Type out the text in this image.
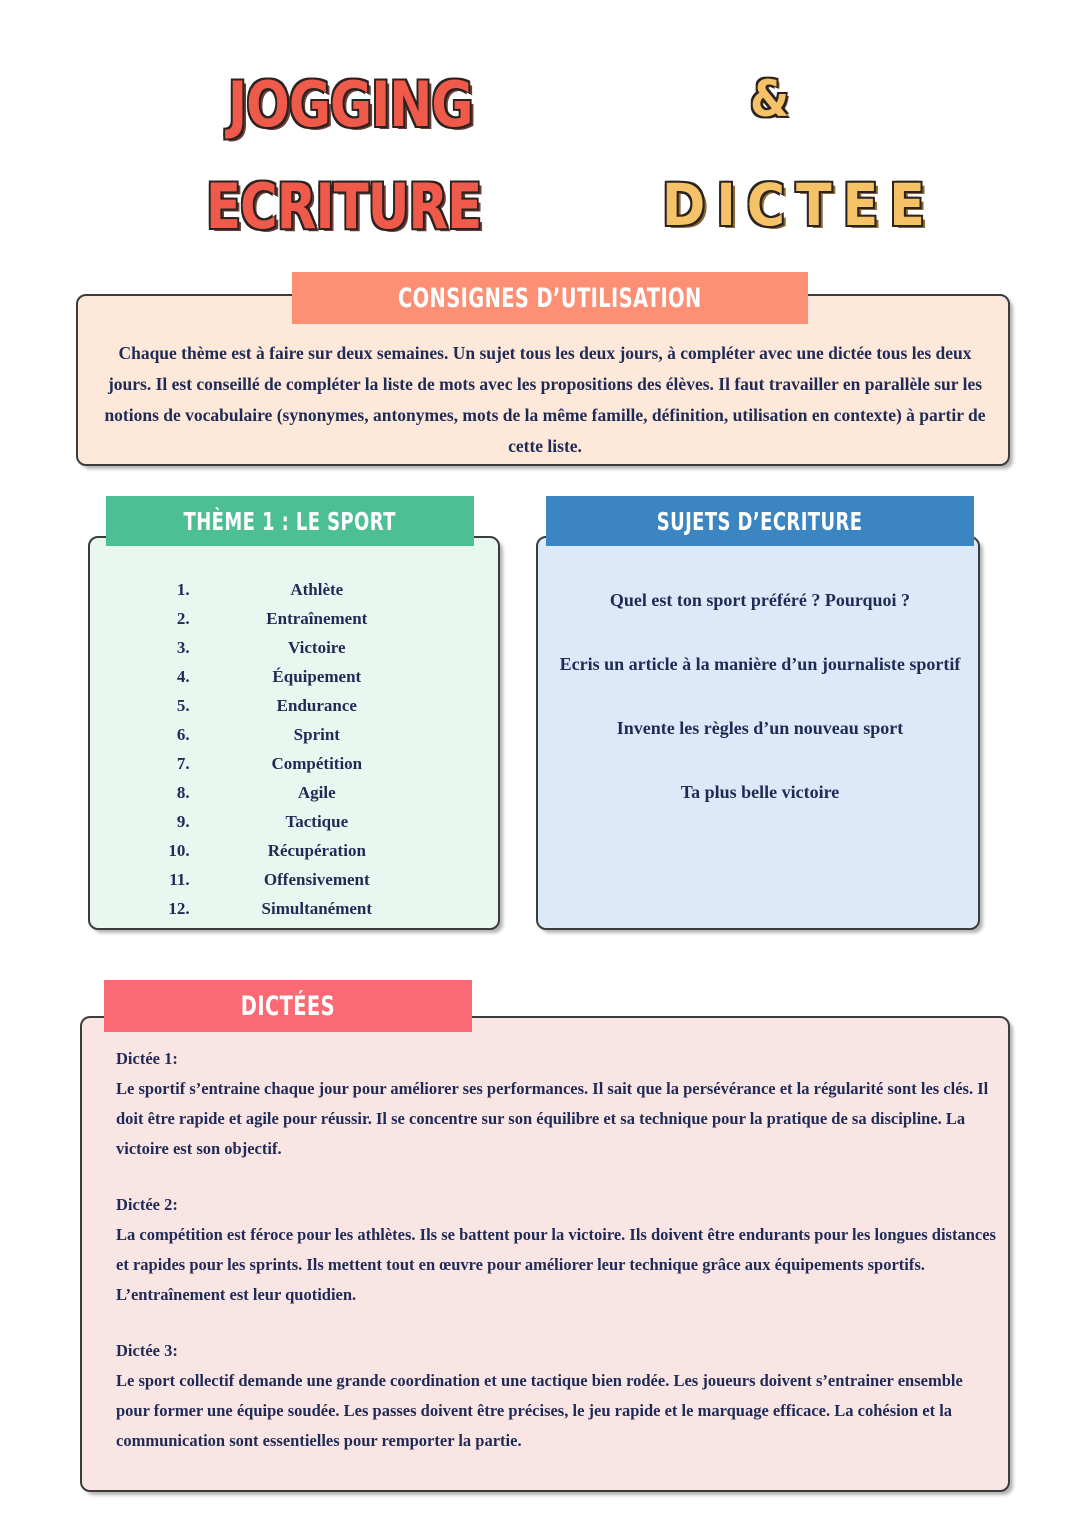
JOGGING	&
ECRITURE	DICTEE
Chaque thème est à faire sur deux semaines. Un sujet tous les deux jours, à compléter avec une dictée tous les deux jours. Il est conseillé de compléter la liste de mots avec les propositions des élèves. Il faut travailler en parallèle sur les notions de vocabulaire (synonymes, antonymes, mots de la même famille, définition, utilisation en contexte) à partir de cette liste.
CONSIGNES D’UTILISATION
1.	Athlète
2.	Entraînement
3.	Victoire
4.	Équipement
5.	Endurance
6.	Sprint
7.	Compétition
8.	Agile
9.	Tactique
10.	Récupération
11.	Offensivement
12.	Simultanément
THÈME 1 : LE SPORT
Quel est ton sport préféré ? Pourquoi ?
Ecris un article à la manière d’un journaliste sportif
Invente les règles d’un nouveau sport
Ta plus belle victoire
SUJETS D’ECRITURE
Dictée 1:
Le sportif s’entraine chaque jour pour améliorer ses performances. Il sait que la persévérance et la régularité sont les clés. Il doit être rapide et agile pour réussir. Il se concentre sur son équilibre et sa technique pour la pratique de sa discipline. La victoire est son objectif.
Dictée 2:
La compétition est féroce pour les athlètes. Ils se battent pour la victoire. Ils doivent être endurants pour les longues distances et rapides pour les sprints. Ils mettent tout en œuvre pour améliorer leur technique grâce aux équipements sportifs. L’entraînement est leur quotidien.
Dictée 3:
Le sport collectif demande une grande coordination et une tactique bien rodée. Les joueurs doivent s’entrainer ensemble pour former une équipe soudée. Les passes doivent être précises, le jeu rapide et le marquage efficace. La cohésion et la communication sont essentielles pour remporter la partie.
DICTÉES
